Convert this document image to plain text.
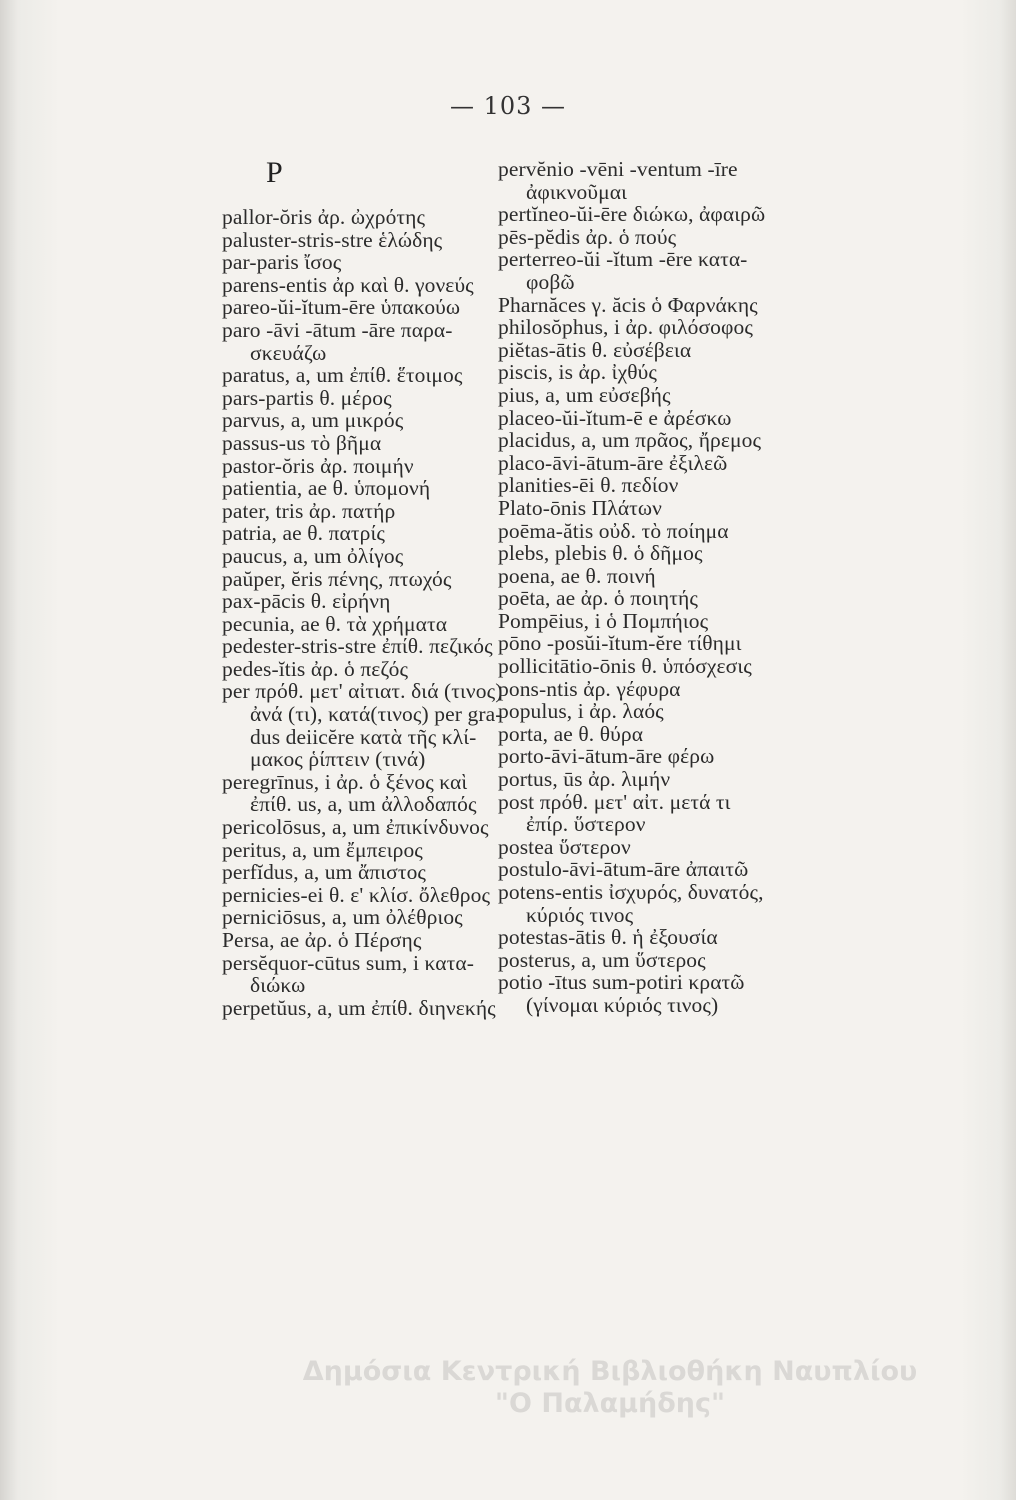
— 103 —
P
pallor-ŏris ἀρ. ὠχρότης
paluster-stris-stre ἑλώδης
par-paris ἴσος
parens-entis ἀρ καὶ θ. γονεύς
pareo-ŭi-ĭtum-ēre ὑπακούω
paro -āvi -ātum -āre παρα-
σκευάζω
paratus, a, um ἐπίθ. ἕτοιμος
pars-partis θ. μέρος
parvus, a, um μικρός
passus-us τὸ βῆμα
pastor-ŏris ἀρ. ποιμήν
patientia, ae θ. ὑπομονή
pater, tris ἀρ. πατήρ
patria, ae θ. πατρίς
paucus, a, um ὀλίγος
paŭper, ĕris πένης, πτωχός
pax-pācis θ. εἰρήνη
pecunia, ae θ. τὰ χρήματα
pedester-stris-stre ἐπίθ. πεζικός
pedes-ĭtis ἀρ. ὁ πεζός
per πρόθ. μετ' αἰτιατ. διά (τινος)
ἀνά (τι), κατά(τινος) per gra-
dus deiicĕre κατὰ τῆς κλί-
μακος ῥίπτειν (τινά)
peregrīnus, i ἀρ. ὁ ξένος καὶ
ἐπίθ. us, a, um ἀλλοδαπός
pericolōsus, a, um ἐπικίνδυνος
peritus, a, um ἔμπειρος
perfĭdus, a, um ἄπιστος
pernicies-ei θ. ε' κλίσ. ὄλεθρος
perniciōsus, a, um ὀλέθριος
Persa, ae ἀρ. ὁ Πέρσης
persĕquor-cūtus sum, i κατα-
διώκω
perpetŭus, a, um ἐπίθ. διηνεκής
pervĕnio -vēni -ventum -īre
ἀφικνοῦμαι
pertĭneo-ŭi-ēre διώκω, ἀφαιρῶ
pēs-pĕdis ἀρ. ὁ πούς
perterreo-ŭi -ĭtum -ēre κατα-
φοβῶ
Pharnăces γ. ăcis ὁ Φαρνάκης
philosŏphus, i ἀρ. φιλόσοφος
piĕtas-ātis θ. εὐσέβεια
piscis, is ἀρ. ἰχθύς
pius, a, um εὐσεβής
placeo-ŭi-ĭtum-ē e ἀρέσκω
placidus, a, um πρᾶος, ἤρεμος
placo-āvi-ātum-āre ἐξιλεῶ
planities-ēi θ. πεδίον
Plato-ōnis Πλάτων
poēma-ătis οὐδ. τὸ ποίημα
plebs, plebis θ. ὁ δῆμος
poena, ae θ. ποινή
poēta, ae ἀρ. ὁ ποιητής
Pompēius, i ὁ Πομπήιος
pōno -posŭi-ĭtum-ĕre τίθημι
pollicitātio-ōnis θ. ὑπόσχεσις
pons-ntis ἀρ. γέφυρα
populus, i ἀρ. λαός
porta, ae θ. θύρα
porto-āvi-ātum-āre φέρω
portus, ūs ἀρ. λιμήν
post πρόθ. μετ' αἰτ. μετά τι
ἐπίρ. ὕστερον
postea ὕστερον
postulo-āvi-ātum-āre ἀπαιτῶ
potens-entis ἰσχυρός, δυνατός,
κύριός τινος
potestas-ātis θ. ἡ ἐξουσία
posterus, a, um ὕστερος
potio -ītus sum-potiri κρατῶ
(γίνομαι κύριός τινος)
Δημόσια Κεντρική Βιβλιοθήκη Ναυπλίου
"Ο Παλαμήδης"
